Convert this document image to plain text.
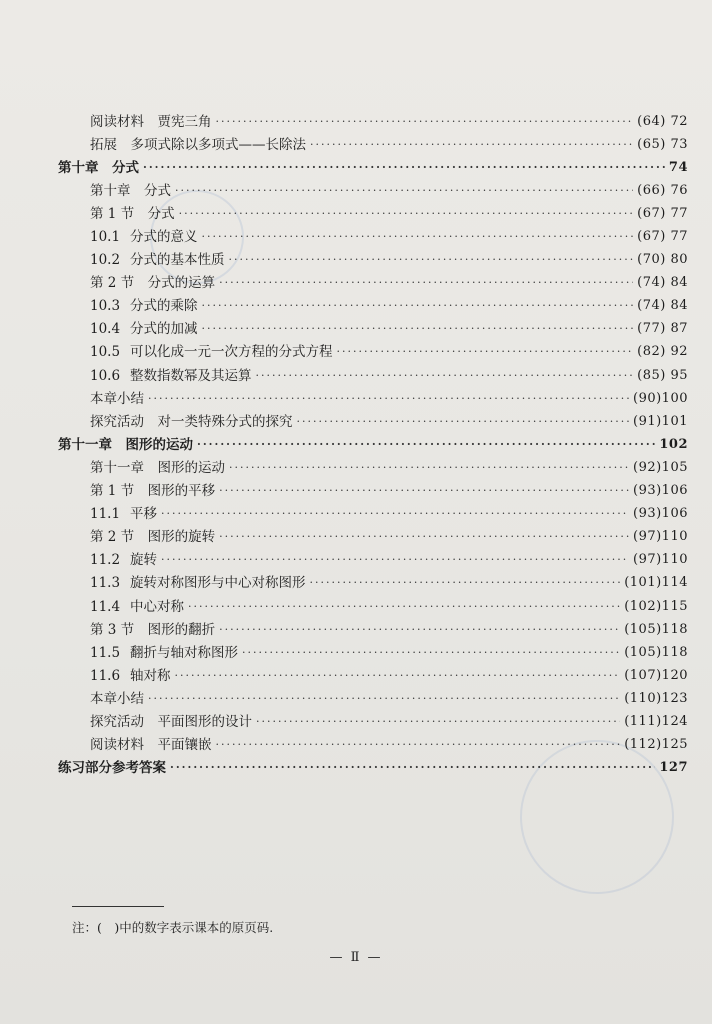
阅读材料　贾宪三角 ·····	(64) 72
拓展　多项式除以多项式——长除法 ·····	(65) 73
第十章　分式 ·····	74
第十章　分式 ·····	(66) 76
第 1 节　分式 ·····	(67) 77
10.1 分式的意义 ·····	(67) 77
10.2 分式的基本性质 ·····	(70) 80
第 2 节　分式的运算 ·····	(74) 84
10.3 分式的乘除 ·····	(74) 84
10.4 分式的加减 ·····	(77) 87
10.5 可以化成一元一次方程的分式方程 ·····	(82) 92
10.6 整数指数幂及其运算 ·····	(85) 95
本章小结 ·····	(90)100
探究活动　对一类特殊分式的探究 ·····	(91)101
第十一章　图形的运动 ·····	102
第十一章　图形的运动 ·····	(92)105
第 1 节　图形的平移 ·····	(93)106
11.1 平移 ·····	(93)106
第 2 节　图形的旋转 ·····	(97)110
11.2 旋转 ·····	(97)110
11.3 旋转对称图形与中心对称图形 ·····	(101)114
11.4 中心对称 ·····	(102)115
第 3 节　图形的翻折 ·····	(105)118
11.5 翻折与轴对称图形 ·····	(105)118
11.6 轴对称 ·····	(107)120
本章小结 ·····	(110)123
探究活动　平面图形的设计 ·····	(111)124
阅读材料　平面镶嵌 ·····	(112)125
练习部分参考答案 ·····	127
注：(　)中的数字表示课本的原页码.
— Ⅱ —
